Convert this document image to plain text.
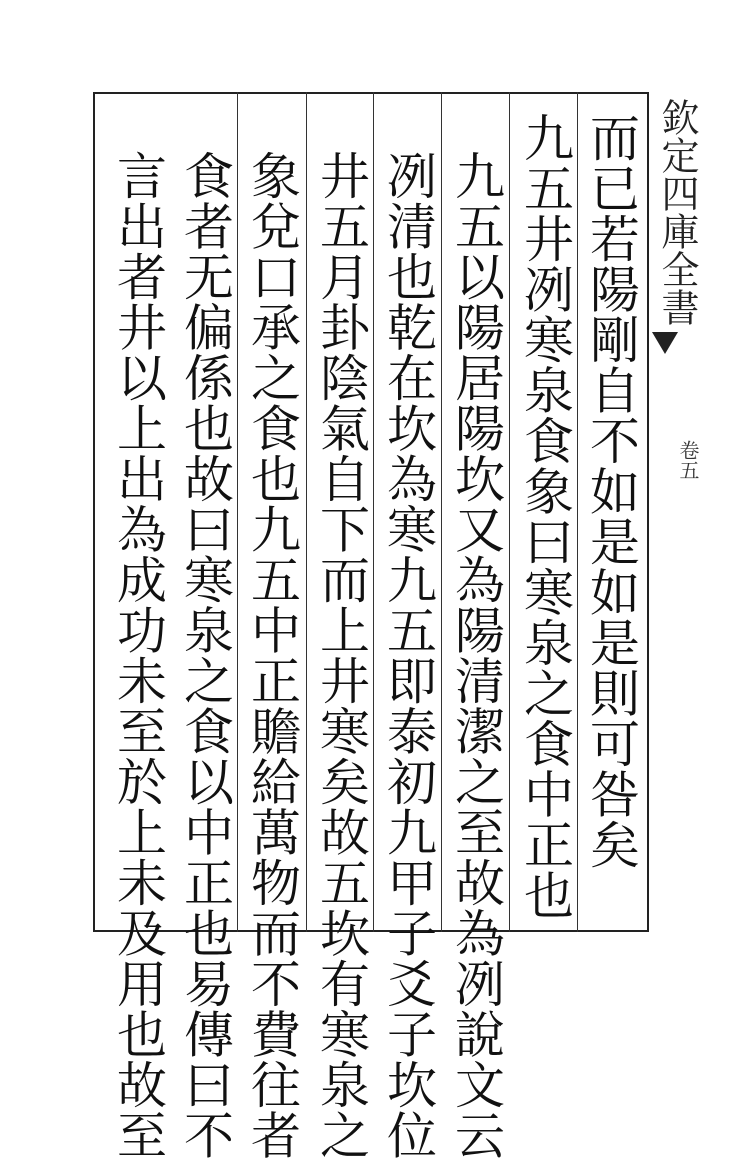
而已若陽剛自不如是如是則可咎矣
九五井冽寒泉食象曰寒泉之食中正也
九五以陽居陽坎又為陽清潔之至故為冽說文云
冽清也乾在坎為寒九五即泰初九甲子爻子坎位
井五月卦陰氣自下而上井寒矣故五坎有寒泉之
象兌口承之食也九五中正贍給萬物而不費往者
食者无偏係也故曰寒泉之食以中正也易傳曰不
言出者井以上出為成功未至於上未及用也故至	欽定四庫全書
卷五
